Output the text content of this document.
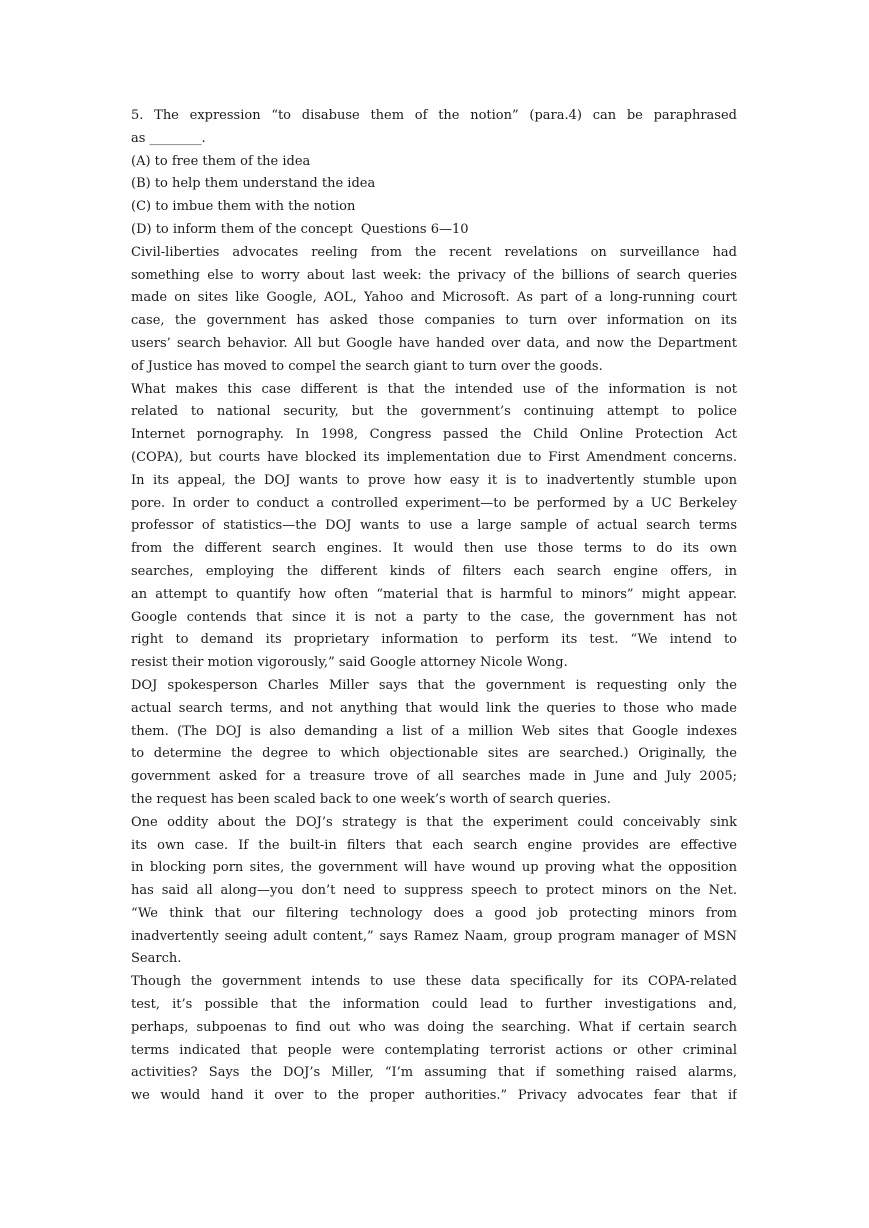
5. The expression “to disabuse them of the notion” (para.4) can be paraphrased
as ________.
(A) to free them of the idea
(B) to help them understand the idea
(C) to imbue them with the notion
(D) to inform them of the concept  Questions 6—10
Civil-liberties advocates reeling from the recent revelations on surveillance had
something else to worry about last week: the privacy of the billions of search queries
made on sites like Google, AOL, Yahoo and Microsoft. As part of a long-running court
case, the government has asked those companies to turn over information on its
users’ search behavior. All but Google have handed over data, and now the Department
of Justice has moved to compel the search giant to turn over the goods.
What makes this case different is that the intended use of the information is not
related to national security, but the government’s continuing attempt to police
Internet pornography. In 1998, Congress passed the Child Online Protection Act
(COPA), but courts have blocked its implementation due to First Amendment concerns.
In its appeal, the DOJ wants to prove how easy it is to inadvertently stumble upon
pore. In order to conduct a controlled experiment—to be performed by a UC Berkeley
professor of statistics—the DOJ wants to use a large sample of actual search terms
from the different search engines. It would then use those terms to do its own
searches, employing the different kinds of filters each search engine offers, in
an attempt to quantify how often “material that is harmful to minors” might appear.
Google contends that since it is not a party to the case, the government has not
right to demand its proprietary information to perform its test. “We intend to
resist their motion vigorously,” said Google attorney Nicole Wong.
DOJ spokesperson Charles Miller says that the government is requesting only the
actual search terms, and not anything that would link the queries to those who made
them. (The DOJ is also demanding a list of a million Web sites that Google indexes
to determine the degree to which objectionable sites are searched.) Originally, the
government asked for a treasure trove of all searches made in June and July 2005;
the request has been scaled back to one week’s worth of search queries.
One oddity about the DOJ’s strategy is that the experiment could conceivably sink
its own case. If the built-in filters that each search engine provides are effective
in blocking porn sites, the government will have wound up proving what the opposition
has said all along—you don’t need to suppress speech to protect minors on the Net.
“We think that our filtering technology does a good job protecting minors from
inadvertently seeing adult content,” says Ramez Naam, group program manager of MSN
Search.
Though the government intends to use these data specifically for its COPA-related
test, it’s possible that the information could lead to further investigations and,
perhaps, subpoenas to find out who was doing the searching. What if certain search
terms indicated that people were contemplating terrorist actions or other criminal
activities? Says the DOJ’s Miller, “I’m assuming that if something raised alarms,
we would hand it over to the proper authorities.” Privacy advocates fear that if
